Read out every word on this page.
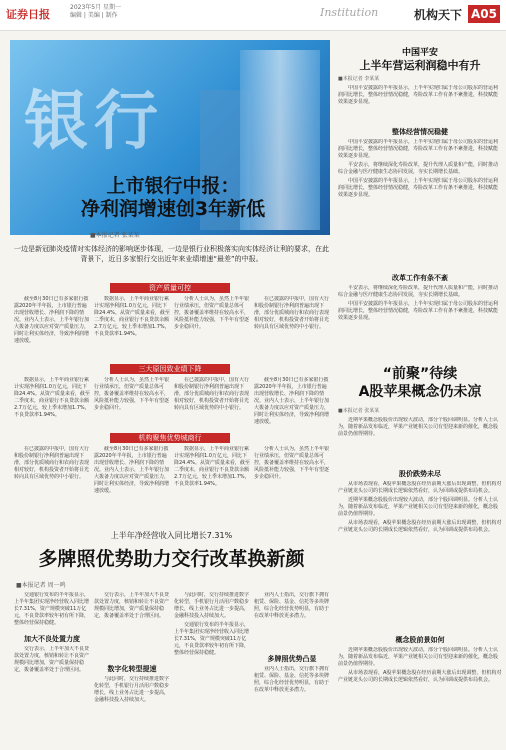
证券日报
2023年5月 星期一
编辑 | 美编 | 制作	Institution	机构天下 A05
银行
上市银行中报：
净利润增速创3年新低
■本报记者 张某某
一边是新冠肺炎疫情对实体经济的影响逐步体现，一边是银行业积极落实向实体经济让利的要求，在此背景下，近日多家银行交出近年来业绩增速“最差”的中报。
资产质量可控

截至8月30日已有多家银行披露2020年半年报，上市银行普遍出现营收增长、净利润下降的情况。业内人士表示，上半年银行加大拨备力度以应对资产质量压力，同时让利实体经济，导致净利润增速放缓。

数据显示，上半年商业银行累计实现净利润1.0万亿元，同比下降24.4%。从资产质量来看，截至二季度末，商业银行不良贷款余额2.7万亿元，较上季末增加1.7%，不良贷款率1.94%。

分析人士认为，虽然上半年银行业绩承压，但资产质量总体可控，拨备覆盖率维持在较高水平，风险抵补能力较强，下半年有望逐步企稳回升。

在已披露的中报中，国有大行和股份制银行净利润普遍出现下滑，部分优质城商行和农商行表现相对较好，机构投资者开始将目光转向具有区域优势的中小银行。

三大原因致业绩下降

数据显示，上半年商业银行累计实现净利润1.0万亿元，同比下降24.4%。从资产质量来看，截至二季度末，商业银行不良贷款余额2.7万亿元，较上季末增加1.7%，不良贷款率1.94%。

分析人士认为，虽然上半年银行业绩承压，但资产质量总体可控，拨备覆盖率维持在较高水平，风险抵补能力较强，下半年有望逐步企稳回升。

在已披露的中报中，国有大行和股份制银行净利润普遍出现下滑，部分优质城商行和农商行表现相对较好，机构投资者开始将目光转向具有区域优势的中小银行。

截至8月30日已有多家银行披露2020年半年报，上市银行普遍出现营收增长、净利润下降的情况。业内人士表示，上半年银行加大拨备力度以应对资产质量压力，同时让利实体经济，导致净利润增速放缓。

机构聚焦优势城商行

在已披露的中报中，国有大行和股份制银行净利润普遍出现下滑，部分优质城商行和农商行表现相对较好，机构投资者开始将目光转向具有区域优势的中小银行。

截至8月30日已有多家银行披露2020年半年报，上市银行普遍出现营收增长、净利润下降的情况。业内人士表示，上半年银行加大拨备力度以应对资产质量压力，同时让利实体经济，导致净利润增速放缓。

数据显示，上半年商业银行累计实现净利润1.0万亿元，同比下降24.4%。从资产质量来看，截至二季度末，商业银行不良贷款余额2.7万亿元，较上季末增加1.7%，不良贷款率1.94%。

分析人士认为，虽然上半年银行业绩承压，但资产质量总体可控，拨备覆盖率维持在较高水平，风险抵补能力较强，下半年有望逐步企稳回升。

上半年净经营收入同比增长7.31%
多牌照优势助力交行改革换新颜
■本报记者 周一鸣

交通银行发布的半年报显示，上半年集团实现净经营收入同比增长7.31%，资产规模突破11万亿元，不良贷款率较年初有所下降，整体经营保持稳健。

加大不良处置力度

交行表示，上半年加大不良贷款处置力度，核销和转让不良资产规模同比增加，资产质量保持稳定，拨备覆盖率处于合理区间。

交行表示，上半年加大不良贷款处置力度，核销和转让不良资产规模同比增加，资产质量保持稳定，拨备覆盖率处于合理区间。

数字化转型提速

与此同时，交行持续推进数字化转型，手机银行月活用户数稳步增长，线上业务占比进一步提高，金融科技投入持续加大。

与此同时，交行持续推进数字化转型，手机银行月活用户数稳步增长，线上业务占比进一步提高，金融科技投入持续加大。

交通银行发布的半年报显示，上半年集团实现净经营收入同比增长7.31%，资产规模突破11万亿元，不良贷款率较年初有所下降，整体经营保持稳健。

业内人士指出，交行旗下拥有租赁、保险、基金、信托等多块牌照，综合化经营优势明显，有助于在改革中释放更多潜力。

多牌照优势凸显

业内人士指出，交行旗下拥有租赁、保险、基金、信托等多块牌照，综合化经营优势明显，有助于在改革中释放更多潜力。

中国平安
上半年营运利润稳中有升
■本报记者 李某某

中国平安披露的半年报显示，上半年实现归属于母公司股东的营运利润同比增长，整体经营情况稳健，寿险改革工作有条不紊推进，科技赋能效果逐步显现。

整体经营情况稳健

中国平安披露的半年报显示，上半年实现归属于母公司股东的营运利润同比增长，整体经营情况稳健，寿险改革工作有条不紊推进，科技赋能效果逐步显现。

平安表示，将继续深化寿险改革，提升代理人质量和产能，同时推动综合金融与医疗健康生态协同发展，夯实长期增长基础。

中国平安披露的半年报显示，上半年实现归属于母公司股东的营运利润同比增长，整体经营情况稳健，寿险改革工作有条不紊推进，科技赋能效果逐步显现。

改革工作有条不紊

平安表示，将继续深化寿险改革，提升代理人质量和产能，同时推动综合金融与医疗健康生态协同发展，夯实长期增长基础。

中国平安披露的半年报显示，上半年实现归属于母公司股东的营运利润同比增长，整体经营情况稳健，寿险改革工作有条不紊推进，科技赋能效果逐步显现。

“前聚”待续
A股苹果概念仍未凉
■本报记者 张某某

近期苹果概念股股价出现较大波动，部分个股回调明显。分析人士认为，随着新品发布临近，苹果产业链相关公司有望迎来新的催化，概念股前景仍值得期待。

股价跌势未尽

从市场表现看，A股苹果概念股在经历前期大涨后出现调整，但机构对产业链龙头公司的长期成长逻辑依然看好，认为回调或提供布局机会。

近期苹果概念股股价出现较大波动，部分个股回调明显。分析人士认为，随着新品发布临近，苹果产业链相关公司有望迎来新的催化，概念股前景仍值得期待。

从市场表现看，A股苹果概念股在经历前期大涨后出现调整，但机构对产业链龙头公司的长期成长逻辑依然看好，认为回调或提供布局机会。

概念股前景如何

近期苹果概念股股价出现较大波动，部分个股回调明显。分析人士认为，随着新品发布临近，苹果产业链相关公司有望迎来新的催化，概念股前景仍值得期待。

从市场表现看，A股苹果概念股在经历前期大涨后出现调整，但机构对产业链龙头公司的长期成长逻辑依然看好，认为回调或提供布局机会。
